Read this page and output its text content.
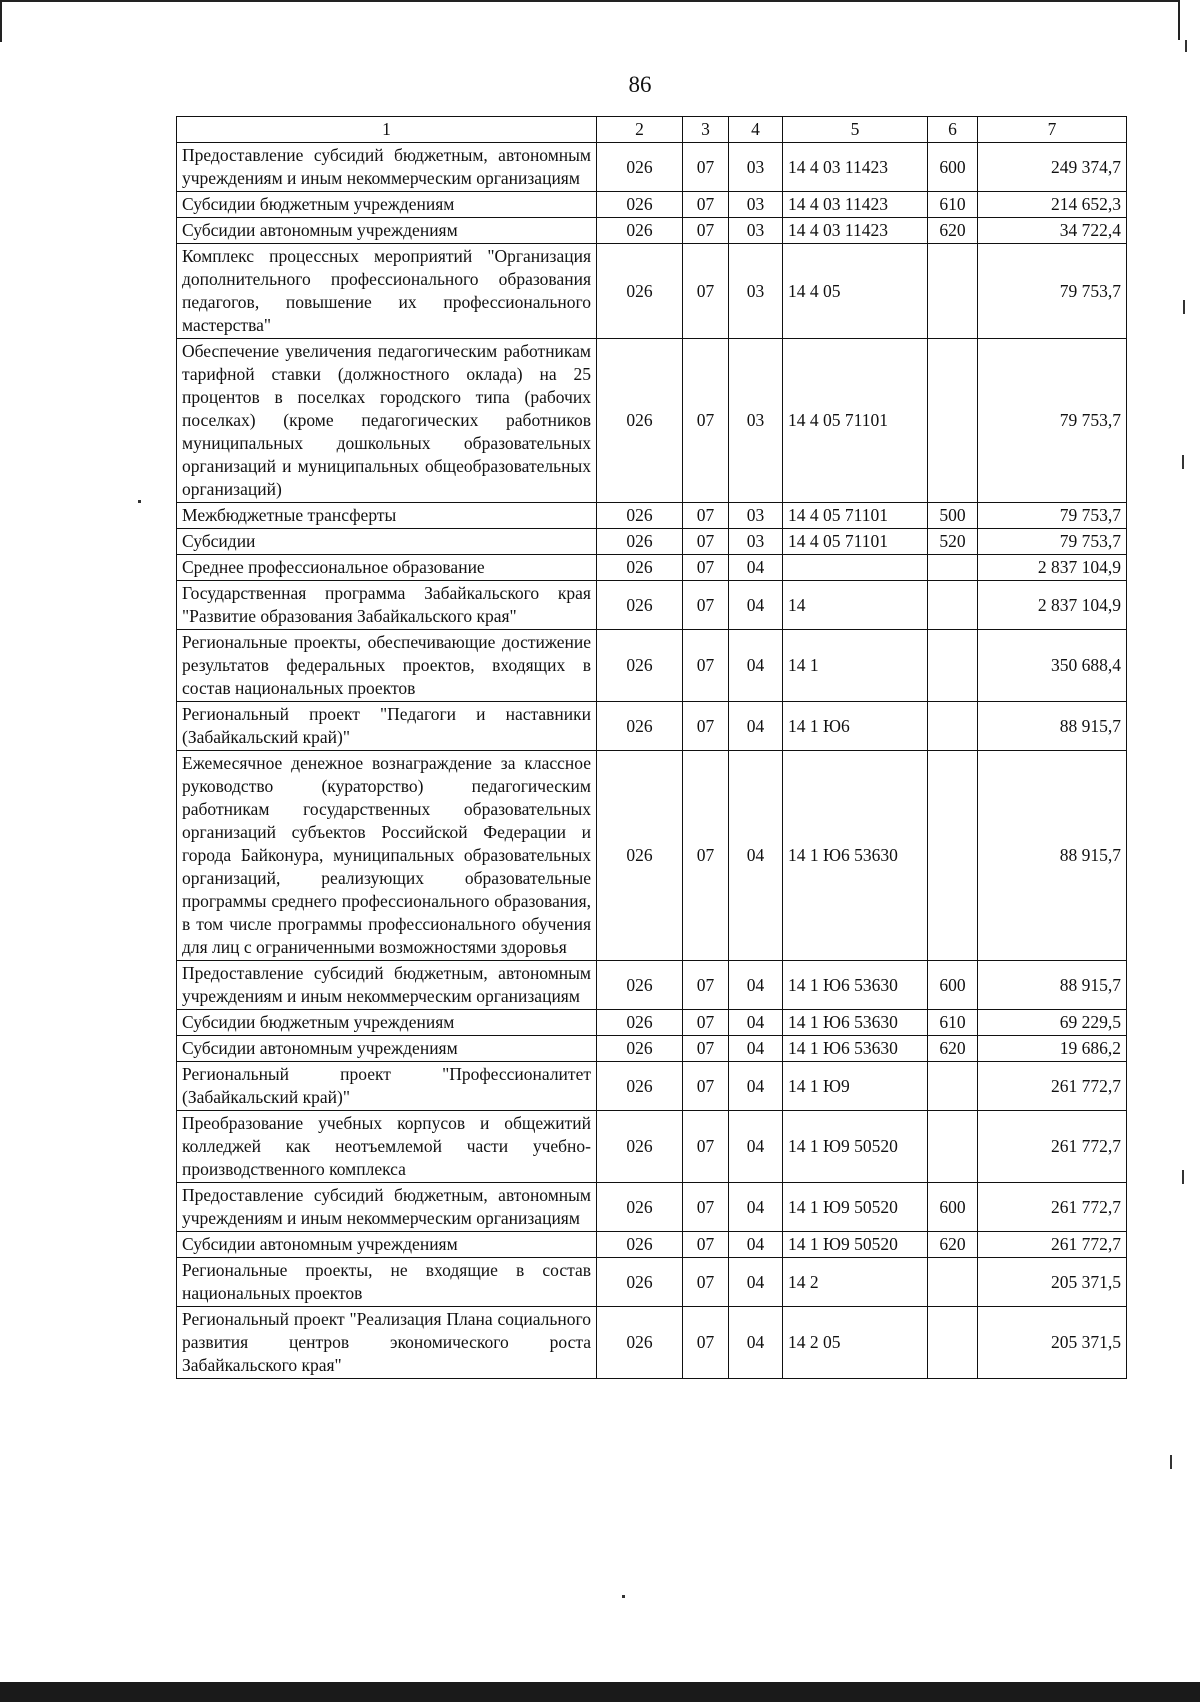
86
1	2	3	4	5	6	7
Предоставление субсидий бюджетным, автономным учреждениям и иным некоммерческим организациям	026	07	03	14 4 03 11423	600	249 374,7
Субсидии бюджетным учреждениям	026	07	03	14 4 03 11423	610	214 652,3
Субсидии автономным учреждениям	026	07	03	14 4 03 11423	620	34 722,4
Комплекс процессных мероприятий "Организация дополнительного профессионального образования педагогов, повышение их профессионального мастерства"	026	07	03	14 4 05		79 753,7
Обеспечение увеличения педагогическим работникам тарифной ставки (должностного оклада) на 25 процентов в поселках городского типа (рабочих поселках) (кроме педагогических работников муниципальных дошкольных образовательных организаций и муниципальных общеобразовательных организаций)	026	07	03	14 4 05 71101		79 753,7
Межбюджетные трансферты	026	07	03	14 4 05 71101	500	79 753,7
Субсидии	026	07	03	14 4 05 71101	520	79 753,7
Среднее профессиональное образование	026	07	04			2 837 104,9
Государственная программа Забайкальского края "Развитие образования Забайкальского края"	026	07	04	14		2 837 104,9
Региональные проекты, обеспечивающие достижение результатов федеральных проектов, входящих в состав национальных проектов	026	07	04	14 1		350 688,4
Региональный проект "Педагоги и наставники (Забайкальский край)"	026	07	04	14 1 Ю6		88 915,7
Ежемесячное денежное вознаграждение за классное руководство (кураторство) педагогическим работникам государственных образовательных организаций субъектов Российской Федерации и города Байконура, муниципальных образовательных организаций, реализующих образовательные программы среднего профессионального образования, в том числе программы профессионального обучения для лиц с ограниченными возможностями здоровья	026	07	04	14 1 Ю6 53630		88 915,7
Предоставление субсидий бюджетным, автономным учреждениям и иным некоммерческим организациям	026	07	04	14 1 Ю6 53630	600	88 915,7
Субсидии бюджетным учреждениям	026	07	04	14 1 Ю6 53630	610	69 229,5
Субсидии автономным учреждениям	026	07	04	14 1 Ю6 53630	620	19 686,2
Региональный проект "Профессионалитет (Забайкальский край)"	026	07	04	14 1 Ю9		261 772,7
Преобразование учебных корпусов и общежитий колледжей как неотъемлемой части учебно-производственного комплекса	026	07	04	14 1 Ю9 50520		261 772,7
Предоставление субсидий бюджетным, автономным учреждениям и иным некоммерческим организациям	026	07	04	14 1 Ю9 50520	600	261 772,7
Субсидии автономным учреждениям	026	07	04	14 1 Ю9 50520	620	261 772,7
Региональные проекты, не входящие в состав национальных проектов	026	07	04	14 2		205 371,5
Региональный проект "Реализация Плана социального развития центров экономического роста Забайкальского края"	026	07	04	14 2 05		205 371,5
